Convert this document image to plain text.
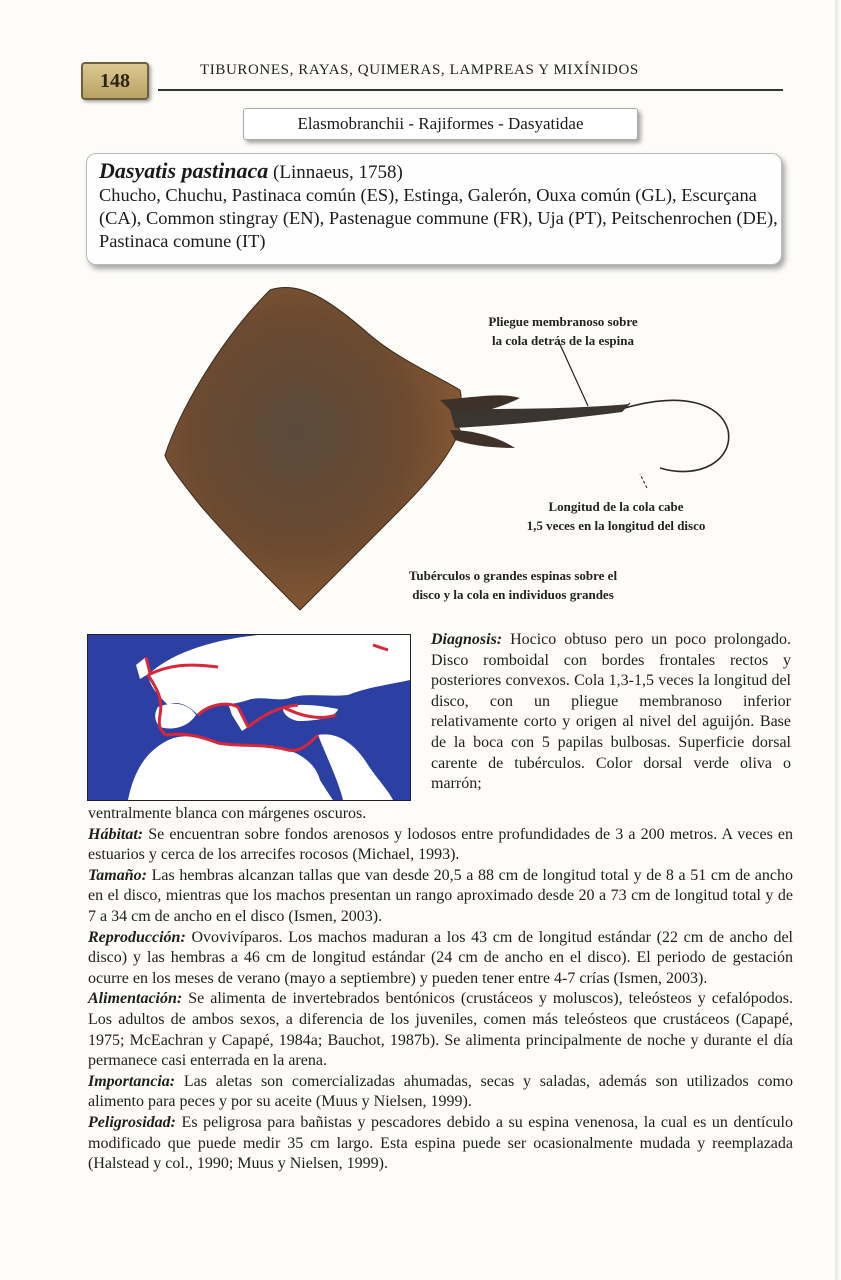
148	TIBURONES, RAYAS, QUIMERAS, LAMPREAS Y MIXÍNIDOS
Elasmobranchii - Rajiformes - Dasyatidae
Dasyatis pastinaca (Linnaeus, 1758)
Chucho, Chuchu, Pastinaca común (ES), Estinga, Galerón, Ouxa común (GL), Escurçana (CA), Common stingray (EN), Pastenague commune (FR), Uja (PT), Peitschenrochen (DE), Pastinaca comune (IT)
Pliegue membranoso sobre
la cola detrás de la espina
Longitud de la cola cabe
1,5 veces en la longitud del disco
Tubérculos o grandes espinas sobre el
disco y la cola en individuos grandes
Diagnosis: Hocico obtuso pero un poco prolongado. Disco romboidal con bordes frontales rectos y posteriores convexos. Cola 1,3-1,5 veces la longitud del disco, con un pliegue membranoso inferior relativamente corto y origen al nivel del aguijón. Base de la boca con 5 papilas bulbosas. Superficie dorsal carente de tubérculos. Color dorsal verde oliva o marrón;

ventralmente blanca con márgenes oscuros.

Hábitat: Se encuentran sobre fondos arenosos y lodosos entre profundidades de 3 a 200 metros. A veces en estuarios y cerca de los arrecifes rocosos (Michael, 1993).

Tamaño: Las hembras alcanzan tallas que van desde 20,5 a 88 cm de longitud total y de 8 a 51 cm de ancho en el disco, mientras que los machos presentan un rango aproximado desde 20 a 73 cm de longitud total y de 7 a 34 cm de ancho en el disco (Ismen, 2003).

Reproducción: Ovovivíparos. Los machos maduran a los 43 cm de longitud estándar (22 cm de ancho del disco) y las hembras a 46 cm de longitud estándar (24 cm de ancho en el disco). El periodo de gestación ocurre en los meses de verano (mayo a septiembre) y pueden tener entre 4-7 crías (Ismen, 2003).

Alimentación: Se alimenta de invertebrados bentónicos (crustáceos y moluscos), teleósteos y cefalópodos. Los adultos de ambos sexos, a diferencia de los juveniles, comen más teleósteos que crustáceos (Capapé, 1975; McEachran y Capapé, 1984a; Bauchot, 1987b). Se alimenta principalmente de noche y durante el día permanece casi enterrada en la arena.

Importancia: Las aletas son comercializadas ahumadas, secas y saladas, además son utilizados como alimento para peces y por su aceite (Muus y Nielsen, 1999).

Peligrosidad: Es peligrosa para bañistas y pescadores debido a su espina venenosa, la cual es un dentículo modificado que puede medir 35 cm largo. Esta espina puede ser ocasionalmente mudada y reemplazada (Halstead y col., 1990; Muus y Nielsen, 1999).
